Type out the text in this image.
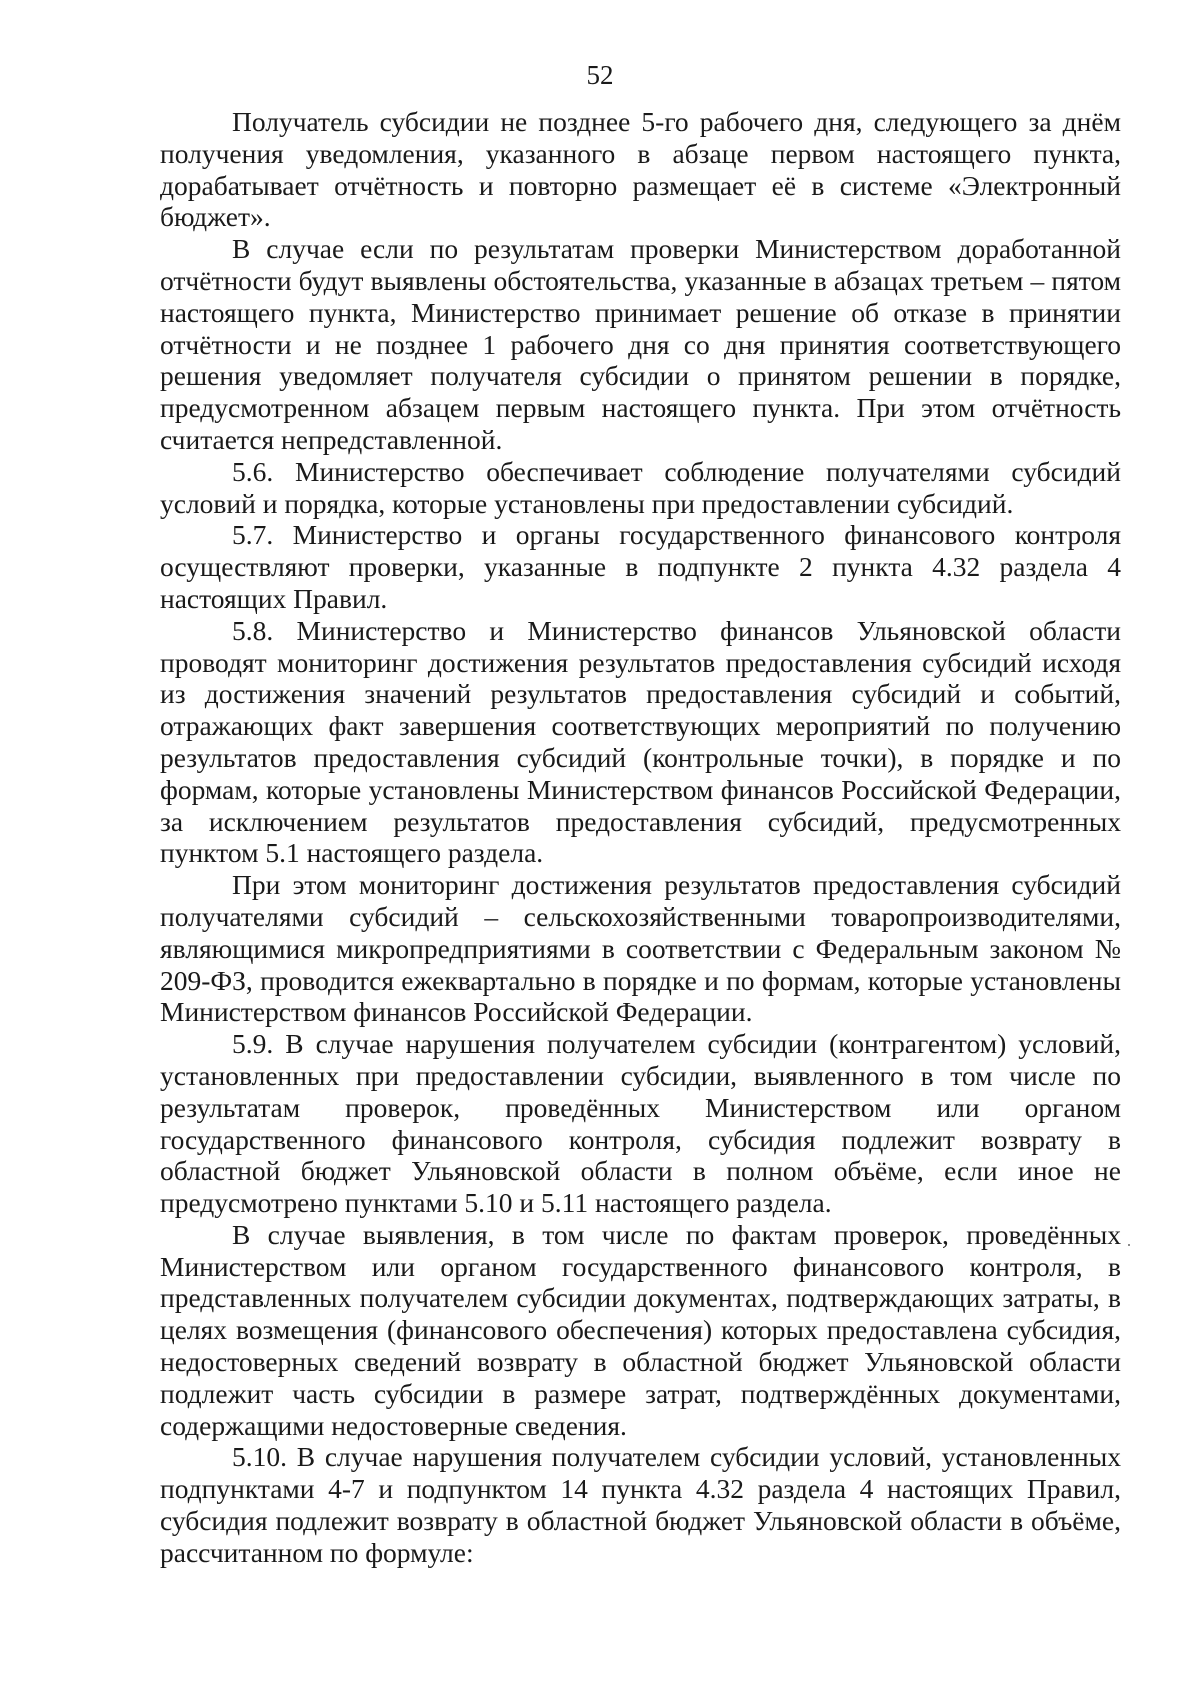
52

Получатель субсидии не позднее 5-го рабочего дня, следующего за днём получения уведомления, указанного в абзаце первом настоящего пункта, дорабатывает отчётность и повторно размещает её в системе «Электронный бюджет».

В случае если по результатам проверки Министерством доработанной отчётности будут выявлены обстоятельства, указанные в абзацах третьем – пятом настоящего пункта, Министерство принимает решение об отказе в принятии отчётности и не позднее 1 рабочего дня со дня принятия соответствующего решения уведомляет получателя субсидии о принятом решении в порядке, предусмотренном абзацем первым настоящего пункта. При этом отчётность считается непредставленной.

5.6. Министерство обеспечивает соблюдение получателями субсидий условий и порядка, которые установлены при предоставлении субсидий.

5.7. Министерство и органы государственного финансового контроля осуществляют проверки, указанные в подпункте 2 пункта 4.32 раздела 4 настоящих Правил.

5.8. Министерство и Министерство финансов Ульяновской области проводят мониторинг достижения результатов предоставления субсидий исходя из достижения значений результатов предоставления субсидий и событий, отражающих факт завершения соответствующих мероприятий по получению результатов предоставления субсидий (контрольные точки), в порядке и по формам, которые установлены Министерством финансов Российской Федерации, за исключением результатов предоставления субсидий, предусмотренных пунктом 5.1 настоящего раздела.

При этом мониторинг достижения результатов предоставления субсидий получателями субсидий – сельскохозяйственными товаропроизводителями, являющимися микропредприятиями в соответствии с Федеральным законом № 209-ФЗ, проводится ежеквартально в порядке и по формам, которые установлены Министерством финансов Российской Федерации.

5.9. В случае нарушения получателем субсидии (контрагентом) условий, установленных при предоставлении субсидии, выявленного в том числе по результатам проверок, проведённых Министерством или органом государственного финансового контроля, субсидия подлежит возврату в областной бюджет Ульяновской области в полном объёме, если иное не предусмотрено пунктами 5.10 и 5.11 настоящего раздела.

В случае выявления, в том числе по фактам проверок, проведённых Министерством или органом государственного финансового контроля, в представленных получателем субсидии документах, подтверждающих затраты, в целях возмещения (финансового обеспечения) которых предоставлена субсидия, недостоверных сведений возврату в областной бюджет Ульяновской области подлежит часть субсидии в размере затрат, подтверждённых документами, содержащими недостоверные сведения.

5.10. В случае нарушения получателем субсидии условий, установленных подпунктами 4-7 и подпунктом 14 пункта 4.32 раздела 4 настоящих Правил, субсидия подлежит возврату в областной бюджет Ульяновской области в объёме, рассчитанном по формуле:
